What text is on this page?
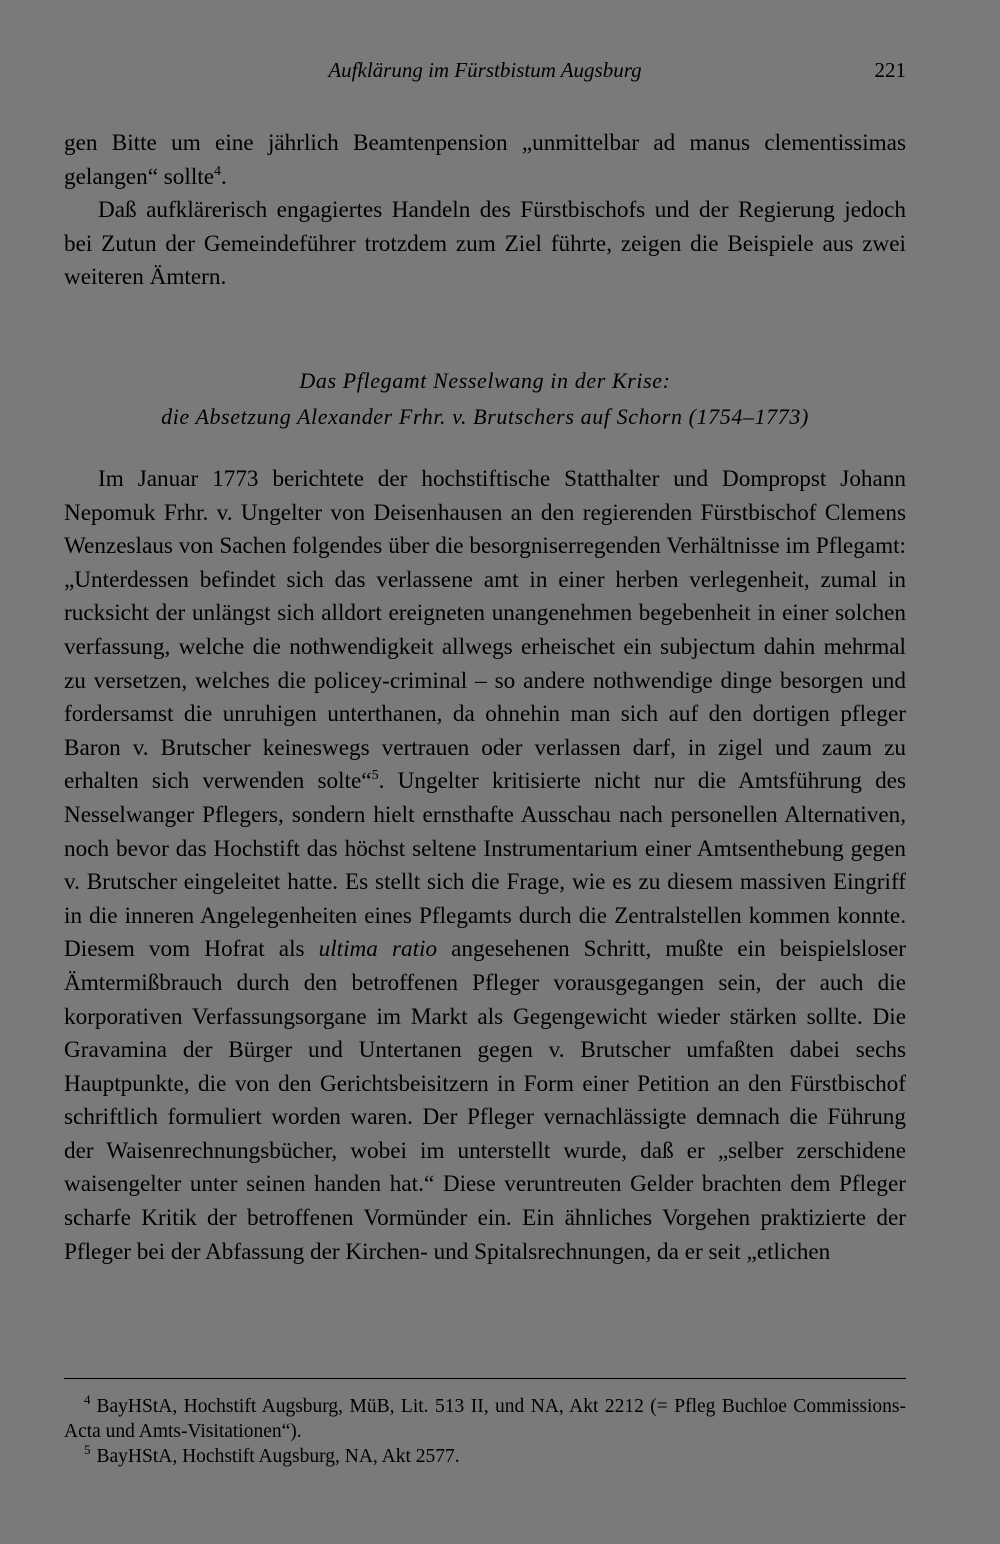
Aufklärung im Fürstbistum Augsburg	221

gen Bitte um eine jährlich Beamtenpension „unmittelbar ad manus clementissimas gelangen“ sollte$^4$.

Daß aufklärerisch engagiertes Handeln des Fürstbischofs und der Regierung jedoch bei Zutun der Gemeindeführer trotzdem zum Ziel führte, zeigen die Beispiele aus zwei weiteren Ämtern.

Das Pflegamt Nesselwang in der Krise:
die Absetzung Alexander Frhr. v. Brutschers auf Schorn (1754–1773)

Im Januar 1773 berichtete der hochstiftische Statthalter und Dompropst Johann Nepomuk Frhr. v. Ungelter von Deisenhausen an den regierenden Fürstbischof Clemens Wenzeslaus von Sachen folgendes über die besorgniserregenden Verhältnisse im Pflegamt: „Unterdessen befindet sich das verlassene amt in einer herben verlegenheit, zumal in rucksicht der unlängst sich alldort ereigneten unangenehmen begebenheit in einer solchen verfassung, welche die nothwendigkeit allwegs erheischet ein subjectum dahin mehrmal zu versetzen, welches die policey-criminal – so andere nothwendige dinge besorgen und fordersamst die unruhigen unterthanen, da ohnehin man sich auf den dortigen pfleger Baron v. Brutscher keineswegs vertrauen oder verlassen darf, in zigel und zaum zu erhalten sich verwenden solte“$^5$. Ungelter kritisierte nicht nur die Amtsführung des Nesselwanger Pflegers, sondern hielt ernsthafte Ausschau nach personellen Alternativen, noch bevor das Hochstift das höchst seltene Instrumentarium einer Amtsenthebung gegen v. Brutscher eingeleitet hatte. Es stellt sich die Frage, wie es zu diesem massiven Eingriff in die inneren Angelegenheiten eines Pflegamts durch die Zentralstellen kommen konnte. Diesem vom Hofrat als ultima ratio angesehenen Schritt, mußte ein beispielsloser Ämtermißbrauch durch den betroffenen Pfleger vorausgegangen sein, der auch die korporativen Verfassungsorgane im Markt als Gegengewicht wieder stärken sollte. Die Gravamina der Bürger und Untertanen gegen v. Brutscher umfaßten dabei sechs Hauptpunkte, die von den Gerichtsbeisitzern in Form einer Petition an den Fürstbischof schriftlich formuliert worden waren. Der Pfleger vernachlässigte demnach die Führung der Waisenrechnungsbücher, wobei im unterstellt wurde, daß er „selber zerschidene waisengelter unter seinen handen hat.“ Diese veruntreuten Gelder brachten dem Pfleger scharfe Kritik der betroffenen Vormünder ein. Ein ähnliches Vorgehen praktizierte der Pfleger bei der Abfassung der Kirchen- und Spitalsrechnungen, da er seit „etlichen

$^4$ BayHStA, Hochstift Augsburg, MüB, Lit. 513 II, und NA, Akt 2212 (= Pfleg Buchloe Commissions-Acta und Amts-Visitationen“).

$^5$ BayHStA, Hochstift Augsburg, NA, Akt 2577.
